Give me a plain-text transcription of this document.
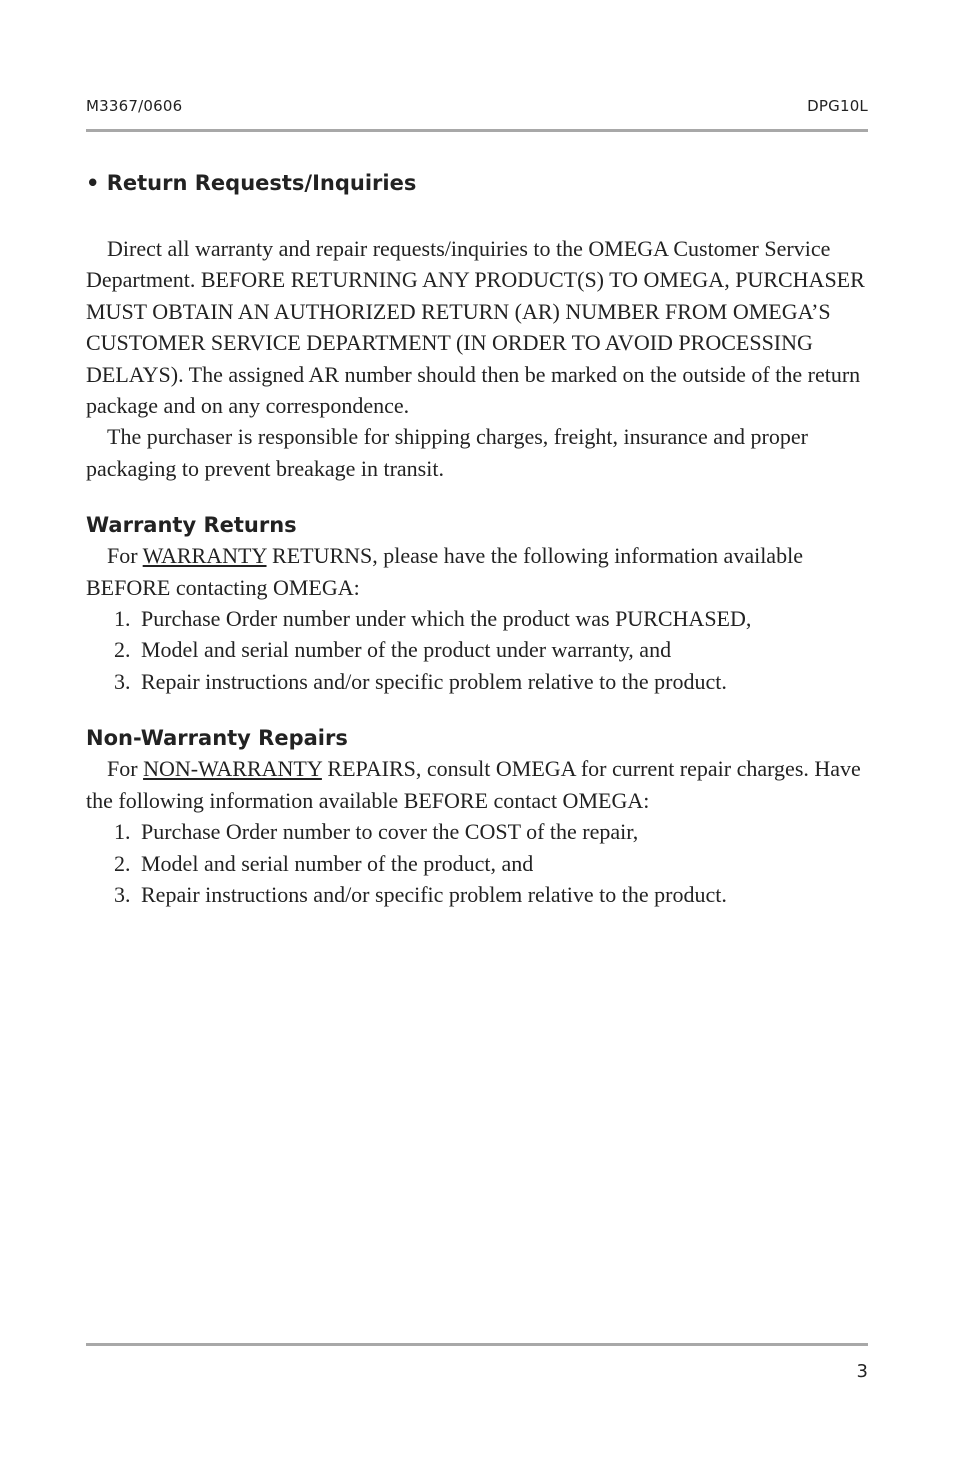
M3367/0606	DPG10L
• Return Requests/Inquiries

Direct all warranty and repair requests/inquiries to the OMEGA Customer Service Department. BEFORE RETURNING ANY PRODUCT(S) TO OMEGA, PURCHASER MUST OBTAIN AN AUTHORIZED RETURN (AR) NUMBER FROM OMEGA’S CUSTOMER SERVICE DEPARTMENT (IN ORDER TO AVOID PROCESSING DELAYS). The assigned AR number should then be marked on the outside of the return package and on any correspondence.

The purchaser is responsible for shipping charges, freight, insurance and proper packaging to prevent breakage in transit.

Warranty Returns

For WARRANTY RETURNS, please have the following information available BEFORE contacting OMEGA:

1. Purchase Order number under which the product was PURCHASED,
2. Model and serial number of the product under warranty, and
3. Repair instructions and/or specific problem relative to the product.
Non-Warranty Repairs

For NON-WARRANTY REPAIRS, consult OMEGA for current repair charges. Have the following information available BEFORE contact OMEGA:

1. Purchase Order number to cover the COST of the repair,
2. Model and serial number of the product, and
3. Repair instructions and/or specific problem relative to the product.
3
